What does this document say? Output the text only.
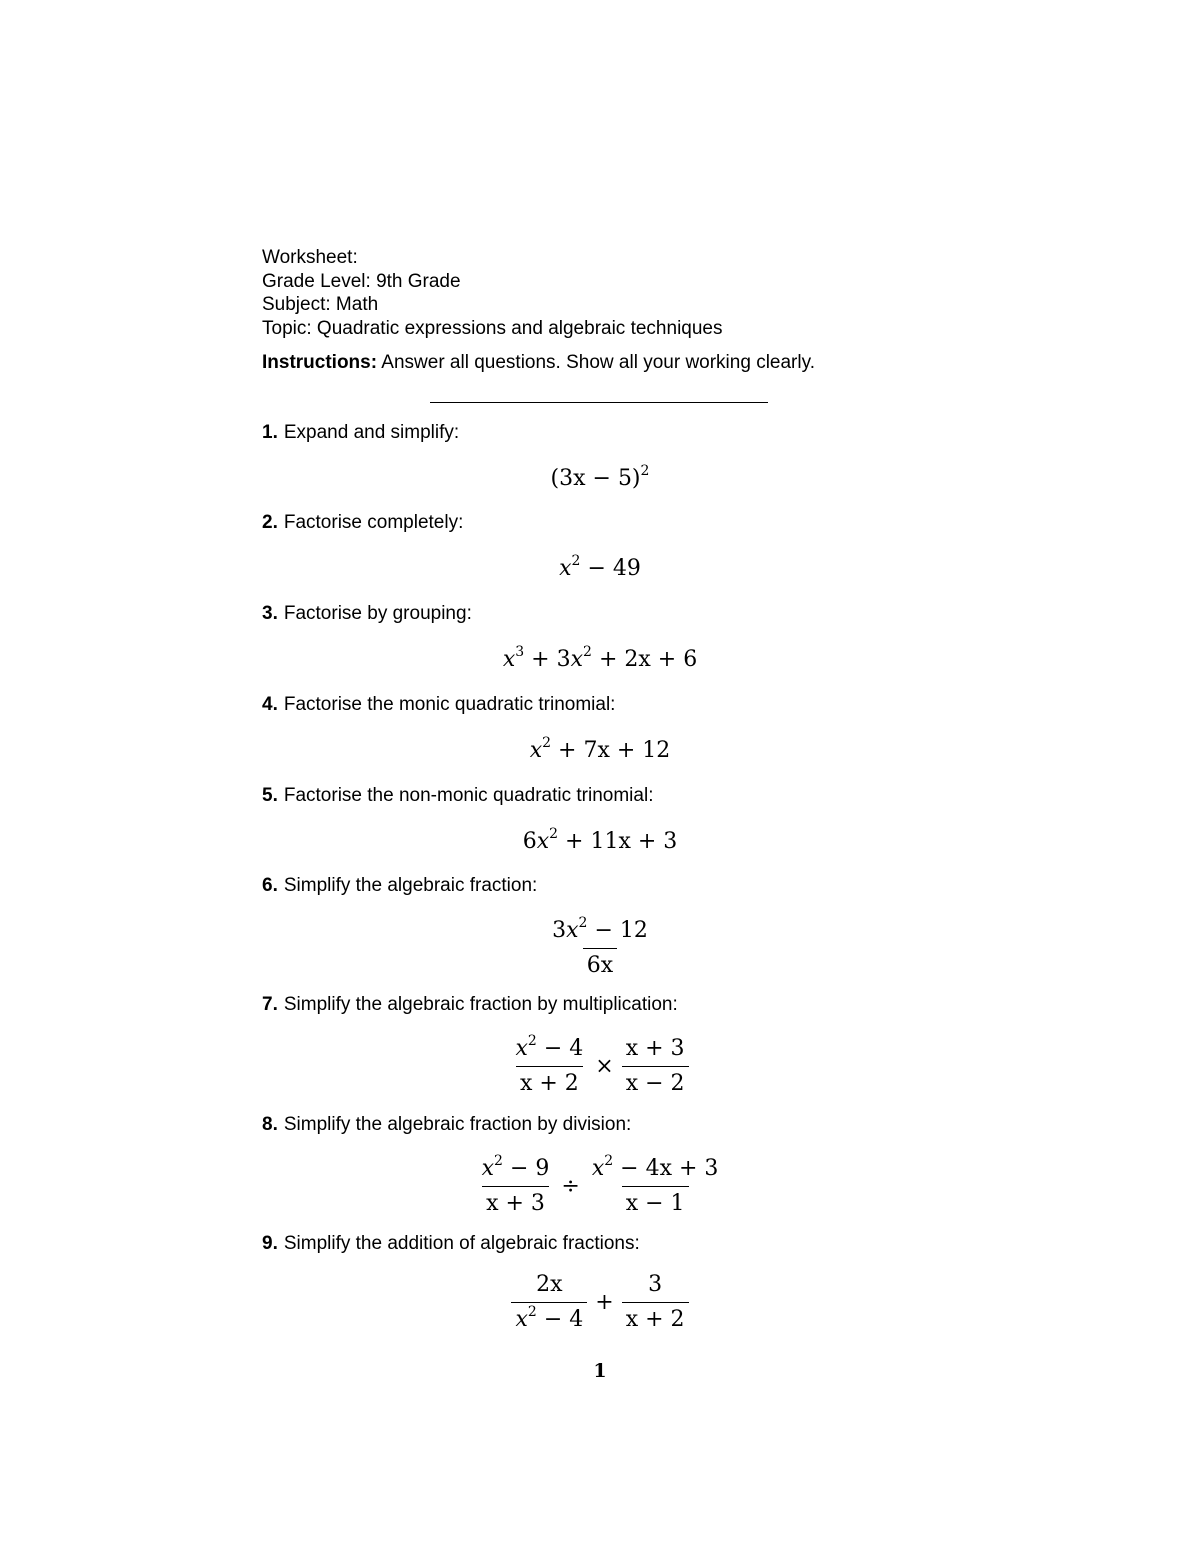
Worksheet:
Grade Level: 9th Grade
Subject: Math
Topic: Quadratic expressions and algebraic techniques
Instructions: Answer all questions. Show all your working clearly.
1. Expand and simplify:
$(3x - 5)^2$
2. Factorise completely:
$x^2 - 49$
3. Factorise by grouping:
$x^3 + 3x^2 + 2x + 6$
4. Factorise the monic quadratic trinomial:
$x^2 + 7x + 12$
5. Factorise the non-monic quadratic trinomial:
$6x^2 + 11x + 3$
6. Simplify the algebraic fraction:
$\frac{3x^2 - 12}{6x}$
7. Simplify the algebraic fraction by multiplication:
$\frac{x^2 - 4}{x + 2} \times \frac{x + 3}{x - 2}$
8. Simplify the algebraic fraction by division:
$\frac{x^2 - 9}{x + 3} \div \frac{x^2 - 4x + 3}{x - 1}$
9. Simplify the addition of algebraic fractions:
$\frac{2x}{x^2 - 4} + \frac{3}{x + 2}$
1
